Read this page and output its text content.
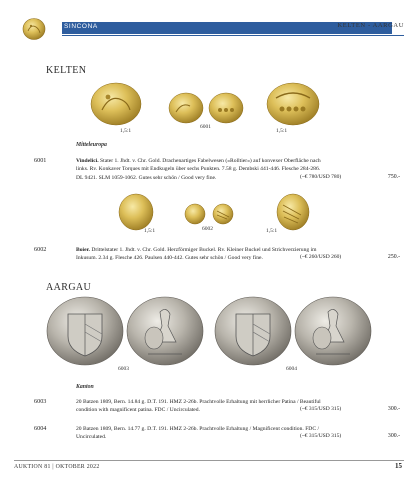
SINCONA	KELTEN - AARGAU
KELTEN
1,5:1
6001
1,5:1
Mitteleuropa
6001	Vindelici. Stater 1. Jhdt. v. Chr. Gold. Drachenartiges Fabelwesen (»Rolltier«) auf konvexer Oberfläche nach
links. Rv. Konkaver Torques mit Endkugeln über sechs Punkten. 7.58 g. Dembski 441-446. Flesche 284-286.
DL 9421. SLM 1059-1062. Gutes sehr schön / Good very fine.	(~€ 780/USD 780)	750.-
1,5:1	6002	1,5:1
6002	Boier. Drittelstater 1. Jhdt. v. Chr. Gold. Herzförmiger Buckel. Rv. Kleiner Buckel und Strichverzierung im
Inkusum. 2.34 g. Flesche 426. Paulsen 440-442. Gutes sehr schön / Good very fine.	(~€ 260/USD 260)	250.-
AARGAU
6003	6004
Kanton
6003	20 Batzen 1809, Bern. 14.84 g. D.T. 191. HMZ 2-26b. Prachtvolle Erhaltung mit herrlicher Patina / Beautiful
condition with magnificent patina. FDC / Uncirculated.	(~€ 315/USD 315)	300.-
6004	20 Batzen 1809, Bern. 14.77 g. D.T. 191. HMZ 2-26b. Prachtvolle Erhaltung / Magnificent condition. FDC /
Uncirculated.	(~€ 315/USD 315)	300.-
AUKTION 81 | OKTOBER 2022	15
